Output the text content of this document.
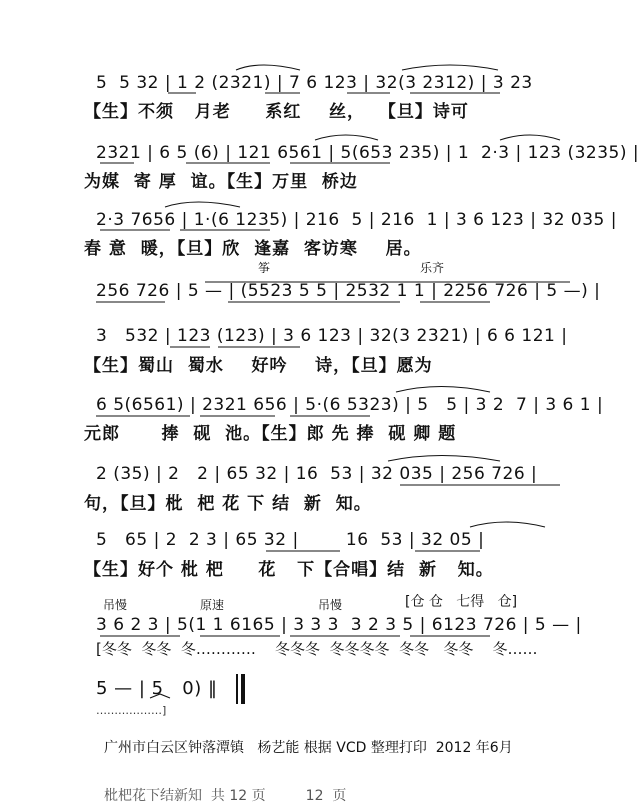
5  5 32 | 1 2 (2321) | 7 6 123 | 32(3 2312) | 3 23
【生】不须   月老     系红    丝，  【旦】诗可
2321 | 6 5 (6) | 121 6561 | 5(653 235) | 1  2·3 | 123 (3235) |
为媒  寄 厚  谊。【生】万里  桥边
2·3 7656 | 1·(6 1235) | 216  5 | 216  1 | 3 6 123 | 32 035 |
春 意  暖，【旦】欣  逢嘉  客访寒    居。
筝	乐齐
256 726 | 5 — | (5523 5 5 | 2532 1 1 | 2256 726 | 5 —) |
3   532 | 123 (123) | 3 6 123 | 32(3 2321) | 6 6 121 |
【生】蜀山  蜀水    好吟    诗，【旦】愿为
6 5(6561) | 2321 656 | 5·(6 5323) | 5   5 | 3 2  7 | 3 6 1 |
元郎      捧  砚  池。【生】郎 先 捧  砚 卿 题
2 (35) | 2   2 | 65 32 | 16  53 | 32 035 | 256 726 |
句，【旦】枇  杷 花 下 结  新  知。
5   65 | 2  2 3 | 65 32 |        16  53 | 32 05 |
【生】好个 枇 杷     花   下【合唱】结  新   知。
吊慢	原速	吊慢	[仓 仓   七得   仓]
3 6 2 3 | 5(1 1 6165 | 3 3 3  3 2 3 5 | 6123 726 | 5 — |
[冬冬  冬冬  冬…………    冬冬冬  冬冬冬冬  冬冬   冬冬    冬……
5 — | 5   0) ‖
………………]
广州市白云区钟落潭镇   杨艺能 根据 VCD 整理打印  2012 年6月
枇杷花下结新知  共 12 页         12  页
